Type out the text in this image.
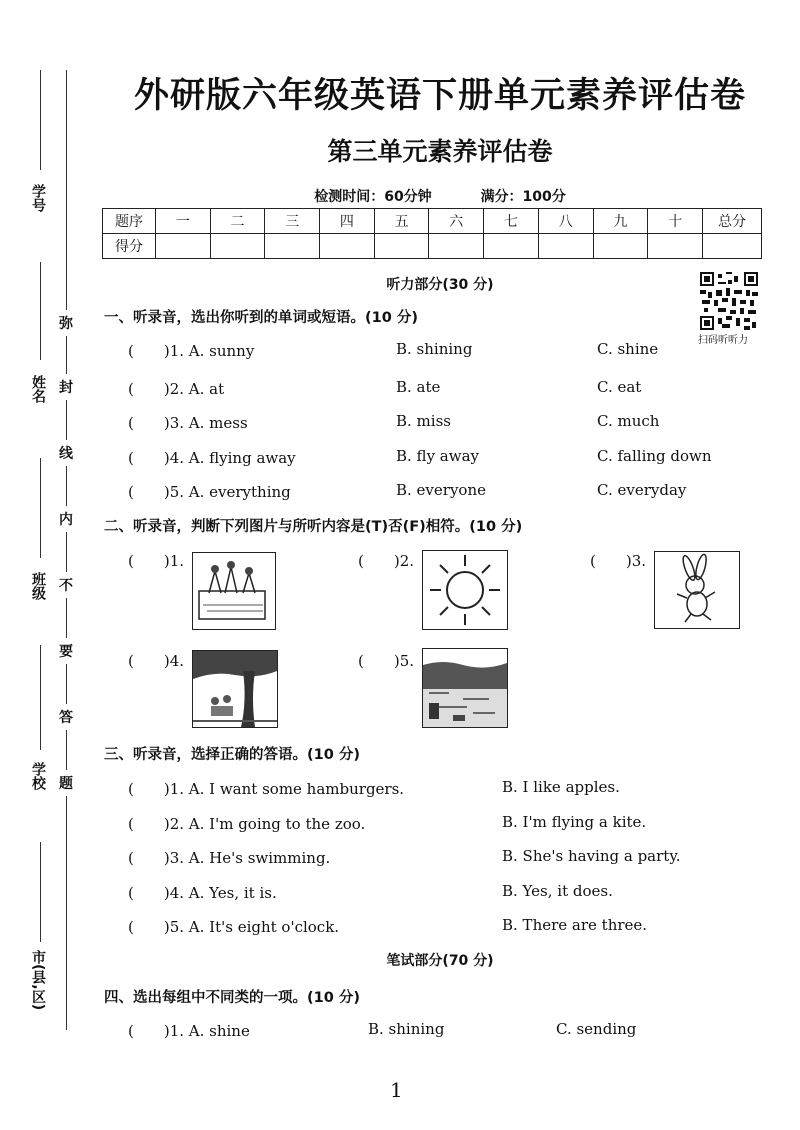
学号
姓名
班级
学校
市(县,区)
弥
封
线
内
不
要
答
题
外研版六年级英语下册单元素养评估卷
第三单元素养评估卷
检测时间：60分钟	满分：100分
题序	一	二	三	四	五	六	七	八	九	十	总分
得分											
听力部分(30 分)
扫码听听力
一、听录音，选出你听到的单词或短语。(10 分)
(　　)1. A. sunny	B. shining	C. shine
(　　)2. A. at	B. ate	C. eat
(　　)3. A. mess	B. miss	C. much
(　　)4. A. flying away	B. fly away	C. falling down
(　　)5. A. everything	B. everyone	C. everyday
二、听录音，判断下列图片与所听内容是(T)否(F)相符。(10 分)
(　　)1.	(　　)2.	(　　)3.
(　　)4.	(　　)5.
三、听录音，选择正确的答语。(10 分)
(　　)1. A. I want some hamburgers.	B. I like apples.
(　　)2. A. I'm going to the zoo.	B. I'm flying a kite.
(　　)3. A. He's swimming.	B. She's having a party.
(　　)4. A. Yes, it is.	B. Yes, it does.
(　　)5. A. It's eight o'clock.	B. There are three.
笔试部分(70 分)
四、选出每组中不同类的一项。(10 分)
(　　)1. A. shine	B. shining	C. sending
1
